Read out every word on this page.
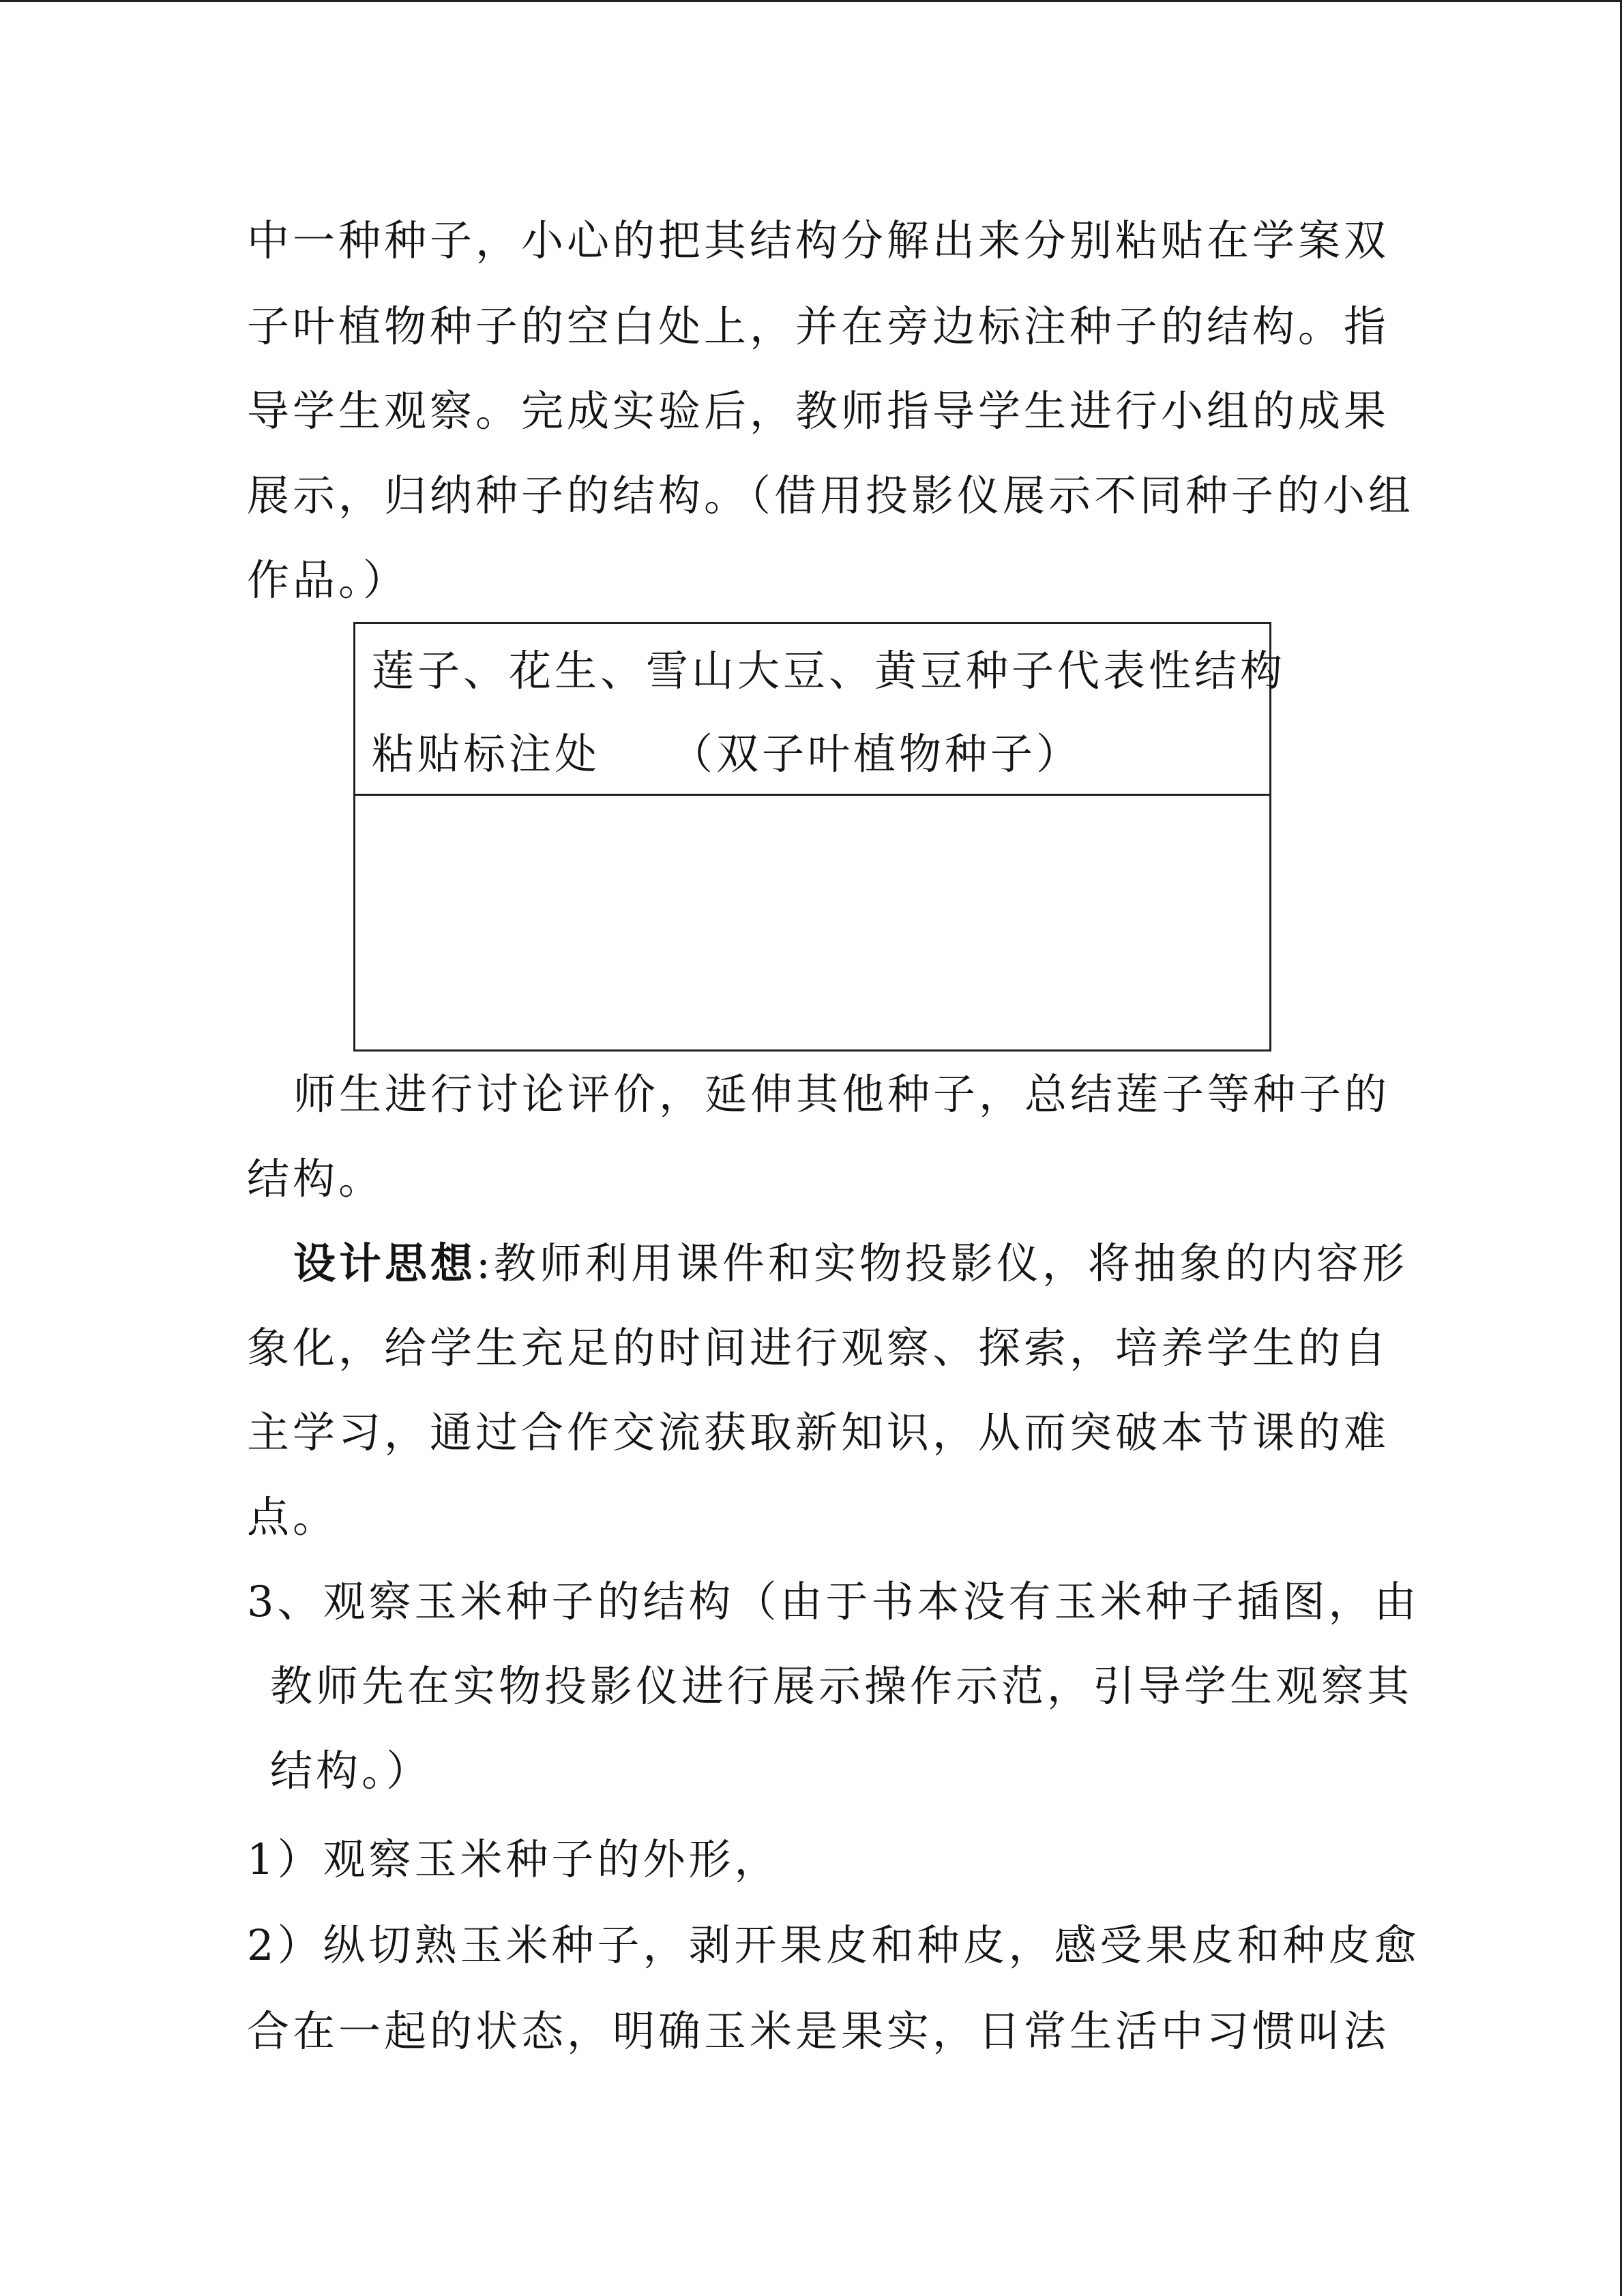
中一种种子，小心的把其结构分解出来分别粘贴在学案双
子叶植物种子的空白处上，并在旁边标注种子的结构。指
导学生观察。完成实验后，教师指导学生进行小组的成果
展示，归纳种子的结构。（借用投影仪展示不同种子的小组
作品。）
莲子、花生、雪山大豆、黄豆种子代表性结构
粘贴标注处　　（双子叶植物种子）
师生进行讨论评价，延伸其他种子，总结莲子等种子的
结构。
设计思想:教师利用课件和实物投影仪，将抽象的内容形
象化，给学生充足的时间进行观察、探索，培养学生的自
主学习，通过合作交流获取新知识，从而突破本节课的难
点。
3、观察玉米种子的结构（由于书本没有玉米种子插图，由
教师先在实物投影仪进行展示操作示范，引导学生观察其
结构。）
1）观察玉米种子的外形，
2）纵切熟玉米种子，剥开果皮和种皮，感受果皮和种皮愈
合在一起的状态，明确玉米是果实，日常生活中习惯叫法
